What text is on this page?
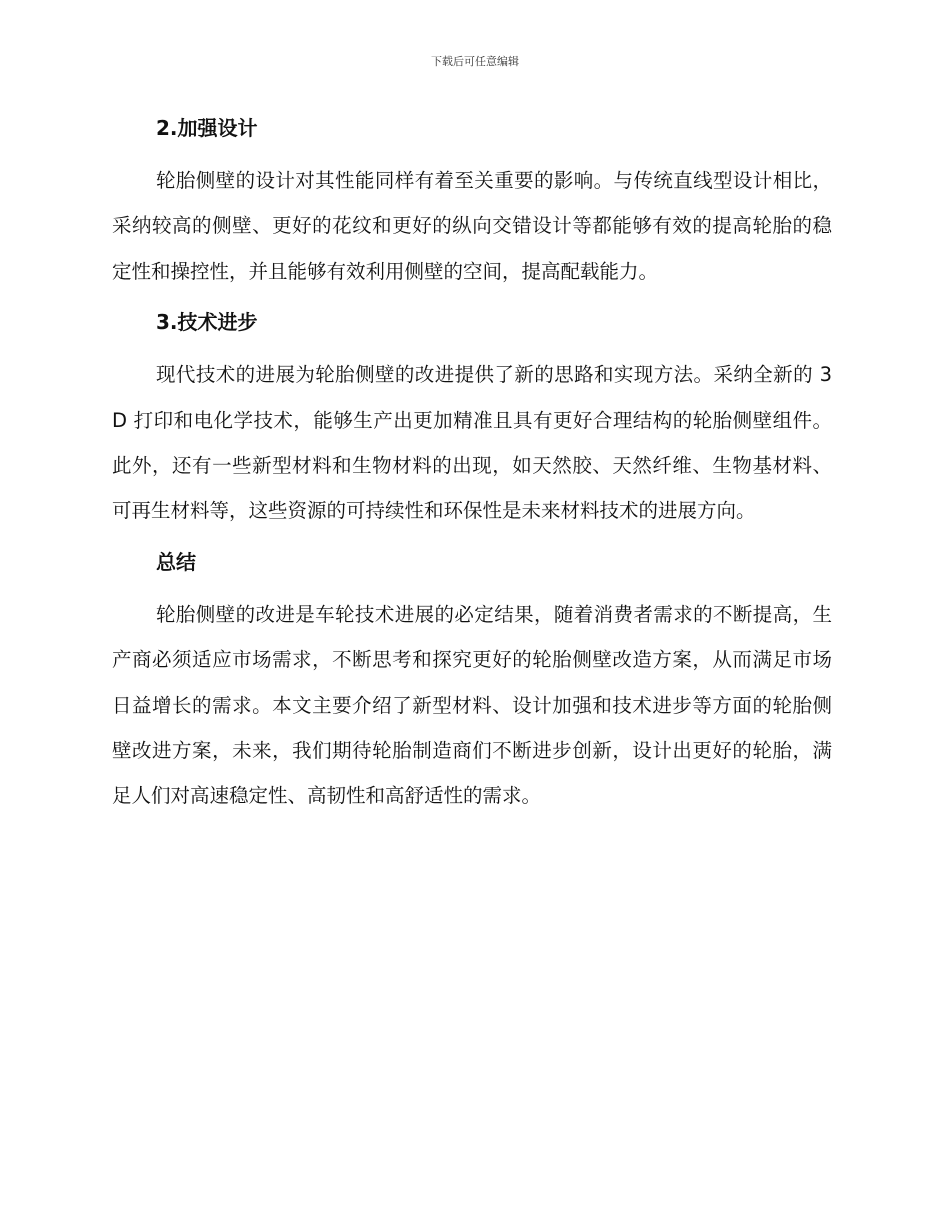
下载后可任意编辑
2.加强设计

轮胎侧壁的设计对其性能同样有着至关重要的影响。与传统直线型设计相比，采纳较高的侧壁、更好的花纹和更好的纵向交错设计等都能够有效的提高轮胎的稳定性和操控性，并且能够有效利用侧壁的空间，提高配载能力。

3.技术进步

现代技术的进展为轮胎侧壁的改进提供了新的思路和实现方法。采纳全新的 3D 打印和电化学技术，能够生产出更加精准且具有更好合理结构的轮胎侧壁组件。此外，还有一些新型材料和生物材料的出现，如天然胶、天然纤维、生物基材料、可再生材料等，这些资源的可持续性和环保性是未来材料技术的进展方向。

总结

轮胎侧壁的改进是车轮技术进展的必定结果，随着消费者需求的不断提高，生产商必须适应市场需求，不断思考和探究更好的轮胎侧壁改造方案，从而满足市场日益增长的需求。本文主要介绍了新型材料、设计加强和技术进步等方面的轮胎侧壁改进方案，未来，我们期待轮胎制造商们不断进步创新，设计出更好的轮胎，满足人们对高速稳定性、高韧性和高舒适性的需求。
